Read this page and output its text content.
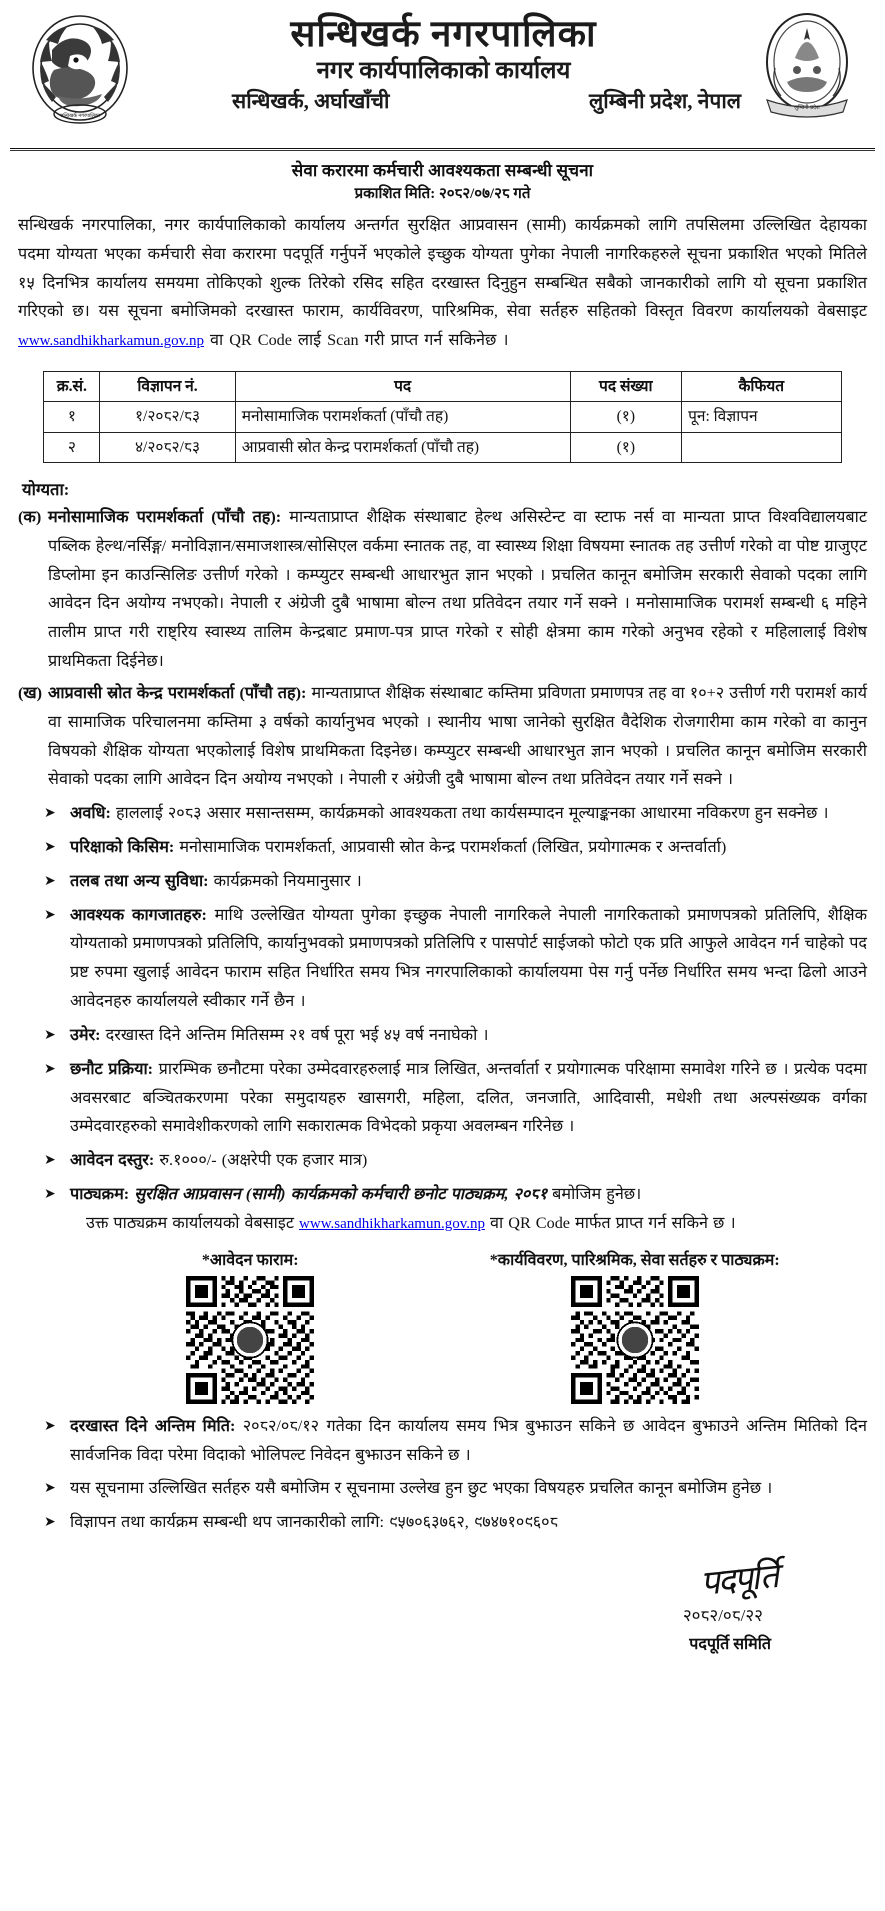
सन्धिखर्क नगरपालिका
सन्धिखर्क नगरपालिका
नगर कार्यपालिकाको कार्यालय
सन्धिखर्क, अर्घाखाँची	लुम्बिनी प्रदेश, नेपाल	लुम्बिनी प्रदेश
सेवा करारमा कर्मचारी आवश्यकता सम्बन्धी सूचना
प्रकाशित मिति: २०८२/०७/२८ गते

सन्धिखर्क नगरपालिका, नगर कार्यपालिकाको कार्यालय अन्तर्गत सुरक्षित आप्रवासन (सामी) कार्यक्रमको लागि तपसिलमा उल्लिखित देहायका पदमा योग्यता भएका कर्मचारी सेवा करारमा पदपूर्ति गर्नुपर्ने भएकोले इच्छुक योग्यता पुगेका नेपाली नागरिकहरुले सूचना प्रकाशित भएको मितिले १५ दिनभित्र कार्यालय समयमा तोकिएको शुल्क तिरेको रसिद सहित दरखास्त दिनुहुन सम्बन्धित सबैको जानकारीको लागि यो सूचना प्रकाशित गरिएको छ। यस सूचना बमोजिमको दरखास्त फाराम, कार्यविवरण, पारिश्रमिक, सेवा सर्तहरु सहितको विस्तृत विवरण कार्यालयको वेबसाइट www.sandhikharkamun.gov.np वा QR Code लाई Scan गरी प्राप्त गर्न सकिनेछ ।

क्र.सं.	विज्ञापन नं.	पद	पद संख्या	कैफियत
१	१/२०८२/८३	मनोसामाजिक परामर्शकर्ता (पाँचौ तह)	(१)	पून: विज्ञापन
२	४/२०८२/८३	आप्रवासी स्रोत केन्द्र परामर्शकर्ता (पाँचौ तह)	(१)	
योग्यता:
(क) मनोसामाजिक परामर्शकर्ता (पाँचौ तह): मान्यताप्राप्त शैक्षिक संस्थाबाट हेल्थ असिस्टेन्ट वा स्टाफ नर्स वा मान्यता प्राप्त विश्वविद्यालयबाट पब्लिक हेल्थ/नर्सिङ्ग/ मनोविज्ञान/समाजशास्त्र/सोसिएल वर्कमा स्नातक तह, वा स्वास्थ्य शिक्षा विषयमा स्नातक तह उत्तीर्ण गरेको वा पोष्ट ग्राजुएट डिप्लोमा इन काउन्सिलिङ उत्तीर्ण गरेको । कम्प्युटर सम्बन्धी आधारभुत ज्ञान भएको । प्रचलित कानून बमोजिम सरकारी सेवाको पदका लागि आवेदन दिन अयोग्य नभएको। नेपाली र अंग्रेजी दुबै भाषामा बोल्न तथा प्रतिवेदन तयार गर्ने सक्ने । मनोसामाजिक परामर्श सम्बन्धी ६ महिने तालीम प्राप्त गरी राष्ट्रिय स्वास्थ्य तालिम केन्द्रबाट प्रमाण-पत्र प्राप्त गरेको र सोही क्षेत्रमा काम गरेको अनुभव रहेको र महिलालाई विशेष प्राथमिकता दिईनेछ।
(ख) आप्रवासी स्रोत केन्द्र परामर्शकर्ता (पाँचौ तह): मान्यताप्राप्त शैक्षिक संस्थाबाट कम्तिमा प्रविणता प्रमाणपत्र तह वा १०+२ उत्तीर्ण गरी परामर्श कार्य वा सामाजिक परिचालनमा कम्तिमा ३ वर्षको कार्यानुभव भएको । स्थानीय भाषा जानेको सुरक्षित वैदेशिक रोजगारीमा काम गरेको वा कानुन विषयको शैक्षिक योग्यता भएकोलाई विशेष प्राथमिकता दिइनेछ। कम्प्युटर सम्बन्धी आधारभुत ज्ञान भएको । प्रचलित कानून बमोजिम सरकारी सेवाको पदका लागि आवेदन दिन अयोग्य नभएको । नेपाली र अंग्रेजी दुबै भाषामा बोल्न तथा प्रतिवेदन तयार गर्ने सक्ने ।
➤ अवधि: हाललाई २०८३ असार मसान्तसम्म, कार्यक्रमको आवश्यकता तथा कार्यसम्पादन मूल्याङ्कनका आधारमा नविकरण हुन सक्नेछ ।
➤ परिक्षाको किसिम: मनोसामाजिक परामर्शकर्ता, आप्रवासी स्रोत केन्द्र परामर्शकर्ता (लिखित, प्रयोगात्मक र अन्तर्वार्ता)
➤ तलब तथा अन्य सुविधा: कार्यक्रमको नियमानुसार ।
➤ आवश्यक कागजातहरु: माथि उल्लेखित योग्यता पुगेका इच्छुक नेपाली नागरिकले नेपाली नागरिकताको प्रमाणपत्रको प्रतिलिपि, शैक्षिक योग्यताको प्रमाणपत्रको प्रतिलिपि, कार्यानुभवको प्रमाणपत्रको प्रतिलिपि र पासपोर्ट साईजको फोटो एक प्रति आफुले आवेदन गर्न चाहेको पद प्रष्ट रुपमा खुलाई आवेदन फाराम सहित निर्धारित समय भित्र नगरपालिकाको कार्यालयमा पेस गर्नु पर्नेछ निर्धारित समय भन्दा ढिलो आउने आवेदनहरु कार्यालयले स्वीकार गर्ने छैन ।
➤ उमेर: दरखास्त दिने अन्तिम मितिसम्म २१ वर्ष पूरा भई ४५ वर्ष ननाघेको ।
➤ छनौट प्रक्रिया: प्रारम्भिक छनौटमा परेका उम्मेदवारहरुलाई मात्र लिखित, अन्तर्वार्ता र प्रयोगात्मक परिक्षामा समावेश गरिने छ । प्रत्येक पदमा अवसरबाट बञ्चितकरणमा परेका समुदायहरु खासगरी, महिला, दलित, जनजाति, आदिवासी, मधेशी तथा अल्पसंख्यक वर्गका उम्मेदवारहरुको समावेशीकरणको लागि सकारात्मक विभेदको प्रकृया अवलम्बन गरिनेछ ।
➤ आवेदन दस्तुर: रु.१०००/- (अक्षरेपी एक हजार मात्र)
➤ पाठ्यक्रम: सुरक्षित आप्रवासन (सामी) कार्यक्रमको कर्मचारी छनोट पाठ्यक्रम, २०८१ बमोजिम हुनेछ।
उक्त पाठ्यक्रम कार्यालयको वेबसाइट www.sandhikharkamun.gov.np वा QR Code मार्फत प्राप्त गर्न सकिने छ ।
*आवेदन फाराम:	*कार्यविवरण, पारिश्रमिक, सेवा सर्तहरु र पाठ्यक्रम:
➤ दरखास्त दिने अन्तिम मिति: २०८२/०८/१२ गतेका दिन कार्यालय समय भित्र बुझाउन सकिने छ आवेदन बुझाउने अन्तिम मितिको दिन सार्वजनिक विदा परेमा विदाको भोलिपल्ट निवेदन बुझाउन सकिने छ ।
➤ यस सूचनामा उल्लिखित सर्तहरु यसै बमोजिम र सूचनामा उल्लेख हुन छुट भएका विषयहरु प्रचलित कानून बमोजिम हुनेछ ।
➤ विज्ञापन तथा कार्यक्रम सम्बन्धी थप जानकारीको लागि: ९५७०६३७६२, ९७४७१०९६०८
पदपूर्ति
२०८२/०८/२२
पदपूर्ति समिति
